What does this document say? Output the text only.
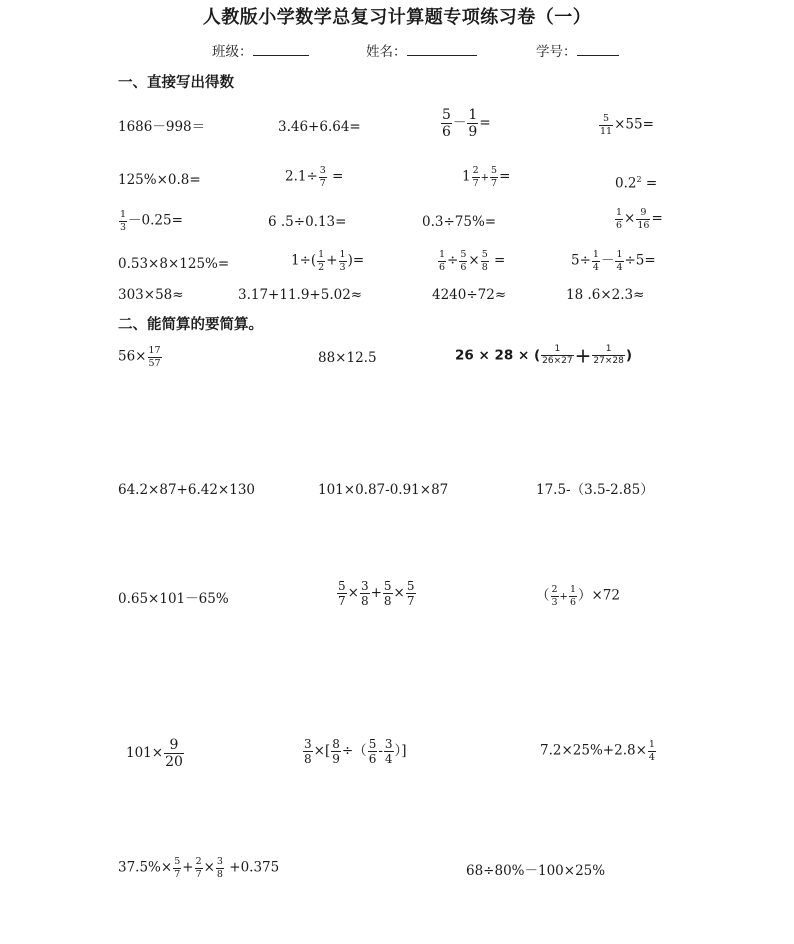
人教版小学数学总复习计算题专项练习卷（一）
班级：	姓名：	学号：
一、直接写出得数
1686－998＝	3.46+6.64=	$\frac{5}{6} - \frac{1}{9}$ =	$\frac{5}{11} \times 55=$
125%×0.8=	$2.1\div \frac{3}{7}$ =	$1 \frac{2}{7} + \frac{5}{7}$ =	$0.2^2$ =
$\frac{1}{3} -0.25=$	6 .5÷0.13=	0.3÷75%=	$\frac{1}{6} \times \frac{9}{16}$ =
0.53×8×125%=	$1\div( \frac{1}{2} + \frac{1}{3}$ )=	$\frac{1}{6} \div \frac{5}{6} \times \frac{5}{8}$ =	$5\div \frac{1}{4} - \frac{1}{4} \div 5=$
303×58≈	3.17+11.9+5.02≈	4240÷72≈	18 .6×2.3≈
二、能简算的要简算。
$56\times \frac{17}{57}$	88×12.5	26 × 28 × ( $\frac{1}{26\times 27} + \frac{1}{27\times 28}$ )
64.2×87+6.42×130	101×0.87-0.91×87	17.5-（3.5-2.85）
0.65×101－65%	$\frac{5}{7} \times \frac{3}{8} + \frac{5}{8} \times \frac{5}{7}$	（ $\frac{2}{3} + \frac{1}{6} )\times 72$
$101\times \frac{9}{20}$	$\frac{3}{8}$ ×[ $\frac{8}{9}$ ÷（ $\frac{5}{6} - \frac{3}{4}$ ）]	$7.2\times 25\%+2.8\times \frac{1}{4}$
$37.5\%\times \frac{5}{7} + \frac{2}{7} \times \frac{3}{8} +0.375$	68÷80%－100×25%
